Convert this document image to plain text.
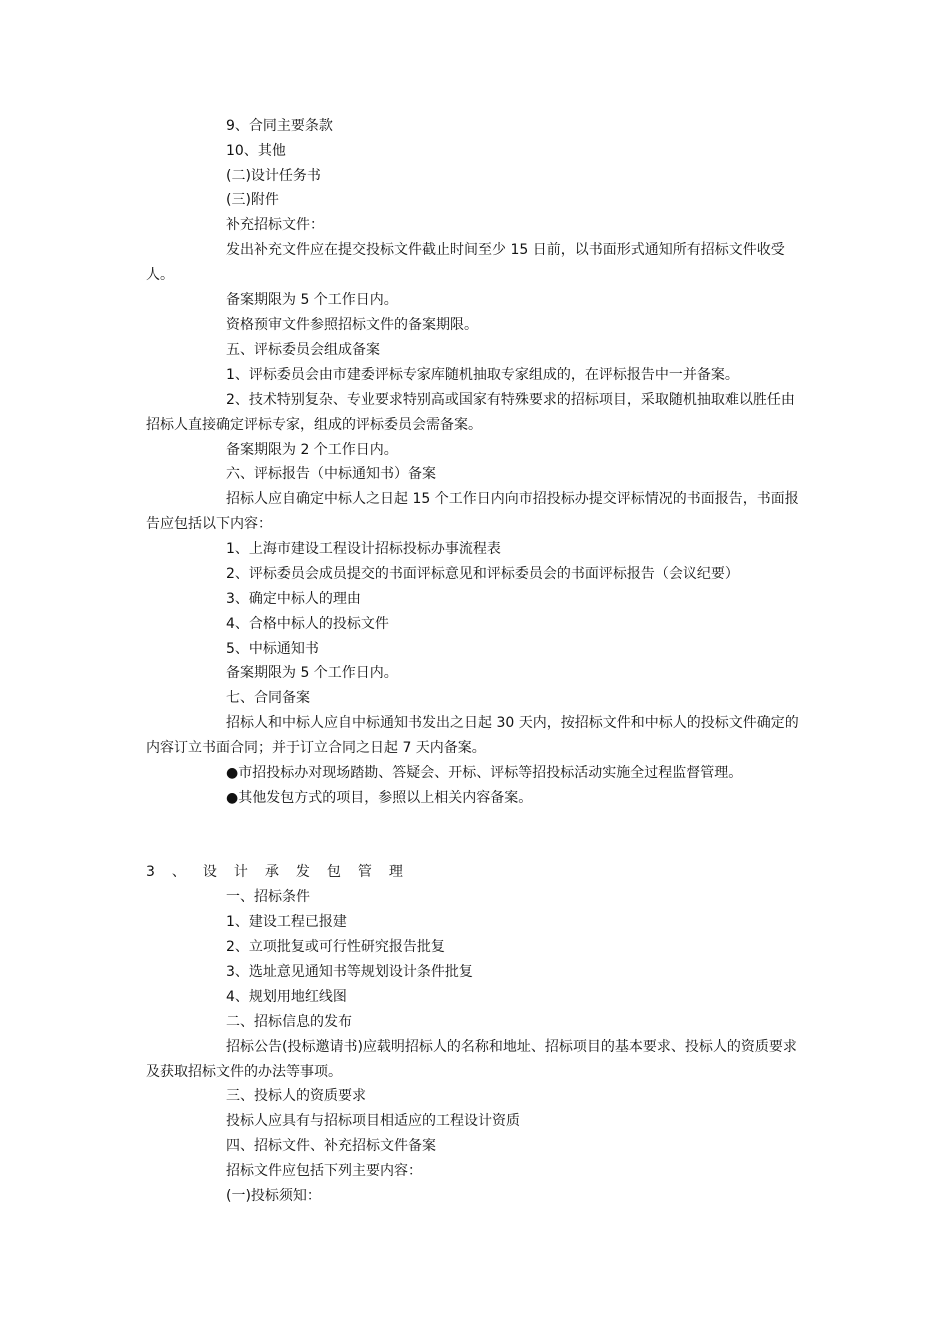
9、合同主要条款

10、其他

(二)设计任务书

(三)附件

补充招标文件：

发出补充文件应在提交投标文件截止时间至少 15 日前，以书面形式通知所有招标文件收受人。

备案期限为 5 个工作日内。

资格预审文件参照招标文件的备案期限。

五、评标委员会组成备案

1、评标委员会由市建委评标专家库随机抽取专家组成的，在评标报告中一并备案。

2、技术特别复杂、专业要求特别高或国家有特殊要求的招标项目，采取随机抽取难以胜任由招标人直接确定评标专家，组成的评标委员会需备案。

备案期限为 2 个工作日内。

六、评标报告（中标通知书）备案

招标人应自确定中标人之日起 15 个工作日内向市招投标办提交评标情况的书面报告，书面报告应包括以下内容：

1、上海市建设工程设计招标投标办事流程表

2、评标委员会成员提交的书面评标意见和评标委员会的书面评标报告（会议纪要）

3、确定中标人的理由

4、合格中标人的投标文件

5、中标通知书

备案期限为 5 个工作日内。

七、合同备案

招标人和中标人应自中标通知书发出之日起 30 天内，按招标文件和中标人的投标文件确定的内容订立书面合同；并于订立合同之日起 7 天内备案。

●市招投标办对现场踏勘、答疑会、开标、评标等招投标活动实施全过程监督管理。

●其他发包方式的项目，参照以上相关内容备案。

3、设计承发包管理

一、招标条件

1、建设工程已报建

2、立项批复或可行性研究报告批复

3、选址意见通知书等规划设计条件批复

4、规划用地红线图

二、招标信息的发布

招标公告(投标邀请书)应载明招标人的名称和地址、招标项目的基本要求、投标人的资质要求及获取招标文件的办法等事项。

三、投标人的资质要求

投标人应具有与招标项目相适应的工程设计资质

四、招标文件、补充招标文件备案

招标文件应包括下列主要内容：

(一)投标须知：
